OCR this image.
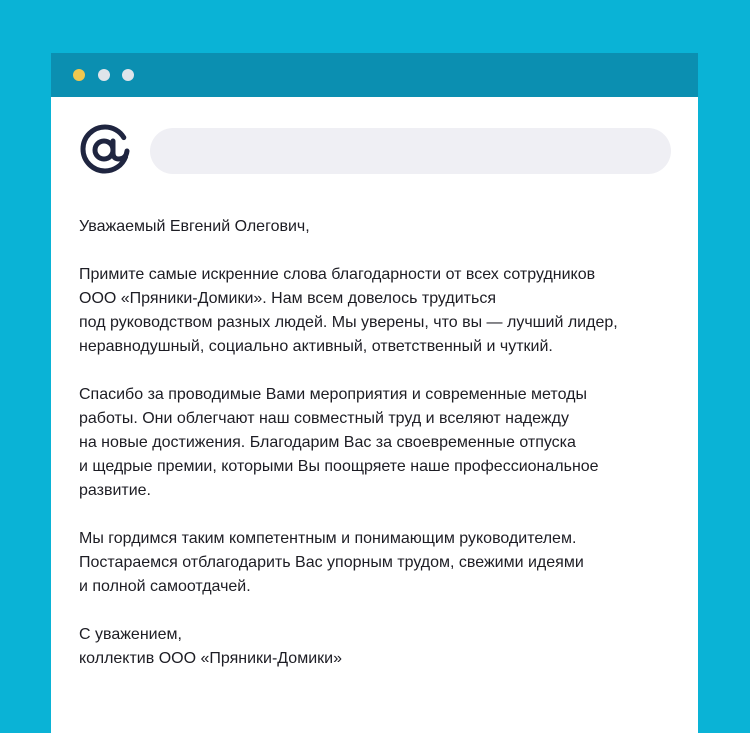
Уважаемый Евгений Олегович,

Примите самые искренние слова благодарности от всех сотрудников
ООО «Пряники-Домики». Нам всем довелось трудиться
под руководством разных людей. Мы уверены, что вы — лучший лидер,
неравнодушный, социально активный, ответственный и чуткий.

Спасибо за проводимые Вами мероприятия и современные методы
работы. Они облегчают наш совместный труд и вселяют надежду
на новые достижения. Благодарим Вас за своевременные отпуска
и щедрые премии, которыми Вы поощряете наше профессиональное
развитие.

Мы гордимся таким компетентным и понимающим руководителем.
Постараемся отблагодарить Вас упорным трудом, свежими идеями
и полной самоотдачей.

С уважением,
коллектив ООО «Пряники-Домики»
